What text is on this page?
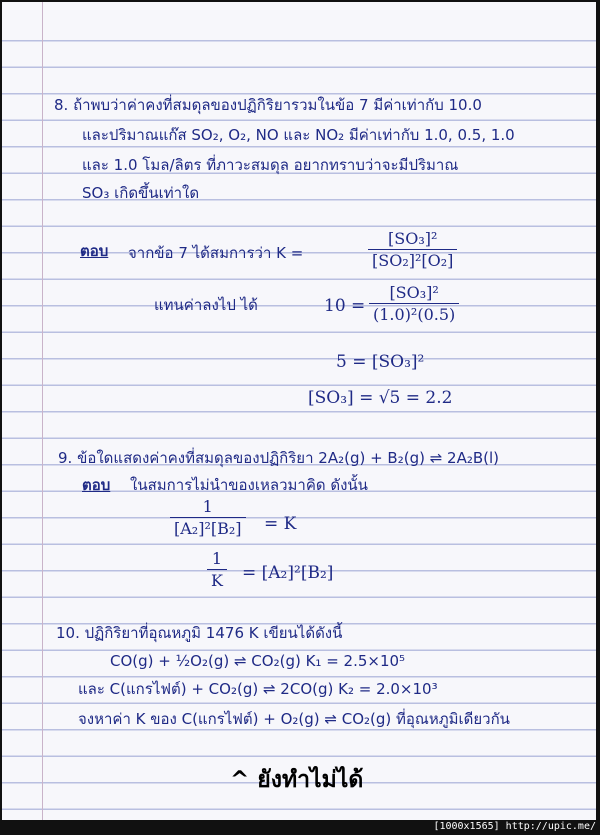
8. ถ้าพบว่าค่าคงที่สมดุลของปฏิกิริยารวมในข้อ 7 มีค่าเท่ากับ 10.0
และปริมาณแก๊ส SO₂, O₂, NO และ NO₂ มีค่าเท่ากับ 1.0, 0.5, 1.0
และ 1.0 โมล/ลิตร ที่ภาวะสมดุล อยากทราบว่าจะมีปริมาณ
SO₃ เกิดขึ้นเท่าใด
ตอบ จากข้อ 7 ได้สมการว่า K =	$\frac{\text{[SO₃]²}}{\text{[SO₂]²[O₂]}}$
แทนค่าลงไป ได้	$10 = \frac{\text{[SO₃]²}}{\text{(1.0)²(0.5)}}$
5 = [SO₃]²
[SO₃] = √5 = 2.2
9. ข้อใดแสดงค่าคงที่สมดุลของปฏิกิริยา 2A₂(g) + B₂(g) ⇌ 2A₂B(l)
ตอบ ในสมการไม่นำของเหลวมาคิด ดังนั้น
$\frac{1}{\text{[A₂]²[B₂]}} = K$
$\frac{1}{K} = [A_2]^2[B_2]$
10. ปฏิกิริยาที่อุณหภูมิ 1476 K เขียนได้ดังนี้
CO(g) + ½O₂(g) ⇌ CO₂(g) K₁ = 2.5×10⁵
และ C(แกรไฟต์) + CO₂(g) ⇌ 2CO(g) K₂ = 2.0×10³
จงหาค่า K ของ C(แกรไฟต์) + O₂(g) ⇌ CO₂(g) ที่อุณหภูมิเดียวกัน
^ ยังทำไม่ได้
[1000x1565] http://upic.me/
